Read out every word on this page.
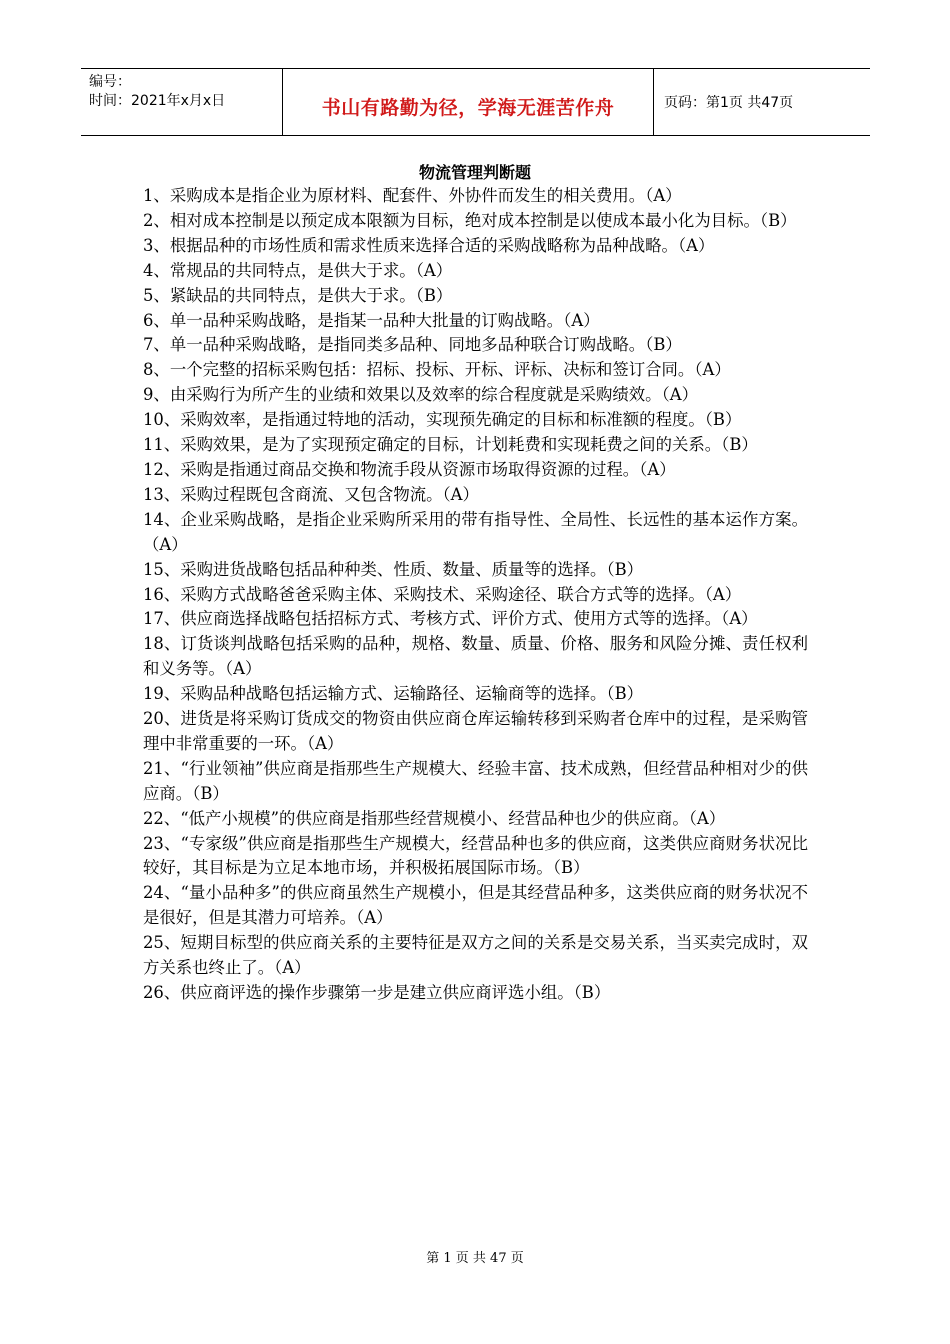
编号：
时间：2021年x月x日	书山有路勤为径，学海无涯苦作舟	页码：第1页 共47页
物流管理判断题
1、采购成本是指企业为原材料、配套件、外协件而发生的相关费用。（A）
2、相对成本控制是以预定成本限额为目标，绝对成本控制是以使成本最小化为目标。（B）
3、根据品种的市场性质和需求性质来选择合适的采购战略称为品种战略。（A）
4、常规品的共同特点，是供大于求。（A）
5、紧缺品的共同特点，是供大于求。（B）
6、单一品种采购战略，是指某一品种大批量的订购战略。（A）
7、单一品种采购战略，是指同类多品种、同地多品种联合订购战略。（B）
8、一个完整的招标采购包括：招标、投标、开标、评标、决标和签订合同。（A）
9、由采购行为所产生的业绩和效果以及效率的综合程度就是采购绩效。（A）
10、采购效率，是指通过特地的活动，实现预先确定的目标和标准额的程度。（B）
11、采购效果，是为了实现预定确定的目标，计划耗费和实现耗费之间的关系。（B）
12、采购是指通过商品交换和物流手段从资源市场取得资源的过程。（A）
13、采购过程既包含商流、又包含物流。（A）
14、企业采购战略，是指企业采购所采用的带有指导性、全局性、长远性的基本运作方案。（A）
15、采购进货战略包括品种种类、性质、数量、质量等的选择。（B）
16、采购方式战略爸爸采购主体、采购技术、采购途径、联合方式等的选择。（A）
17、供应商选择战略包括招标方式、考核方式、评价方式、使用方式等的选择。（A）
18、订货谈判战略包括采购的品种，规格、数量、质量、价格、服务和风险分摊、责任权利和义务等。（A）
19、采购品种战略包括运输方式、运输路径、运输商等的选择。（B）
20、进货是将采购订货成交的物资由供应商仓库运输转移到采购者仓库中的过程，是采购管理中非常重要的一环。（A）
21、“行业领袖”供应商是指那些生产规模大、经验丰富、技术成熟，但经营品种相对少的供应商。（B）
22、“低产小规模”的供应商是指那些经营规模小、经营品种也少的供应商。（A）
23、“专家级”供应商是指那些生产规模大，经营品种也多的供应商，这类供应商财务状况比较好，其目标是为立足本地市场，并积极拓展国际市场。（B）
24、“量小品种多”的供应商虽然生产规模小，但是其经营品种多，这类供应商的财务状况不是很好，但是其潜力可培养。（A）
25、短期目标型的供应商关系的主要特征是双方之间的关系是交易关系，当买卖完成时，双方关系也终止了。（A）
26、供应商评选的操作步骤第一步是建立供应商评选小组。（B）
第 1 页 共 47 页
